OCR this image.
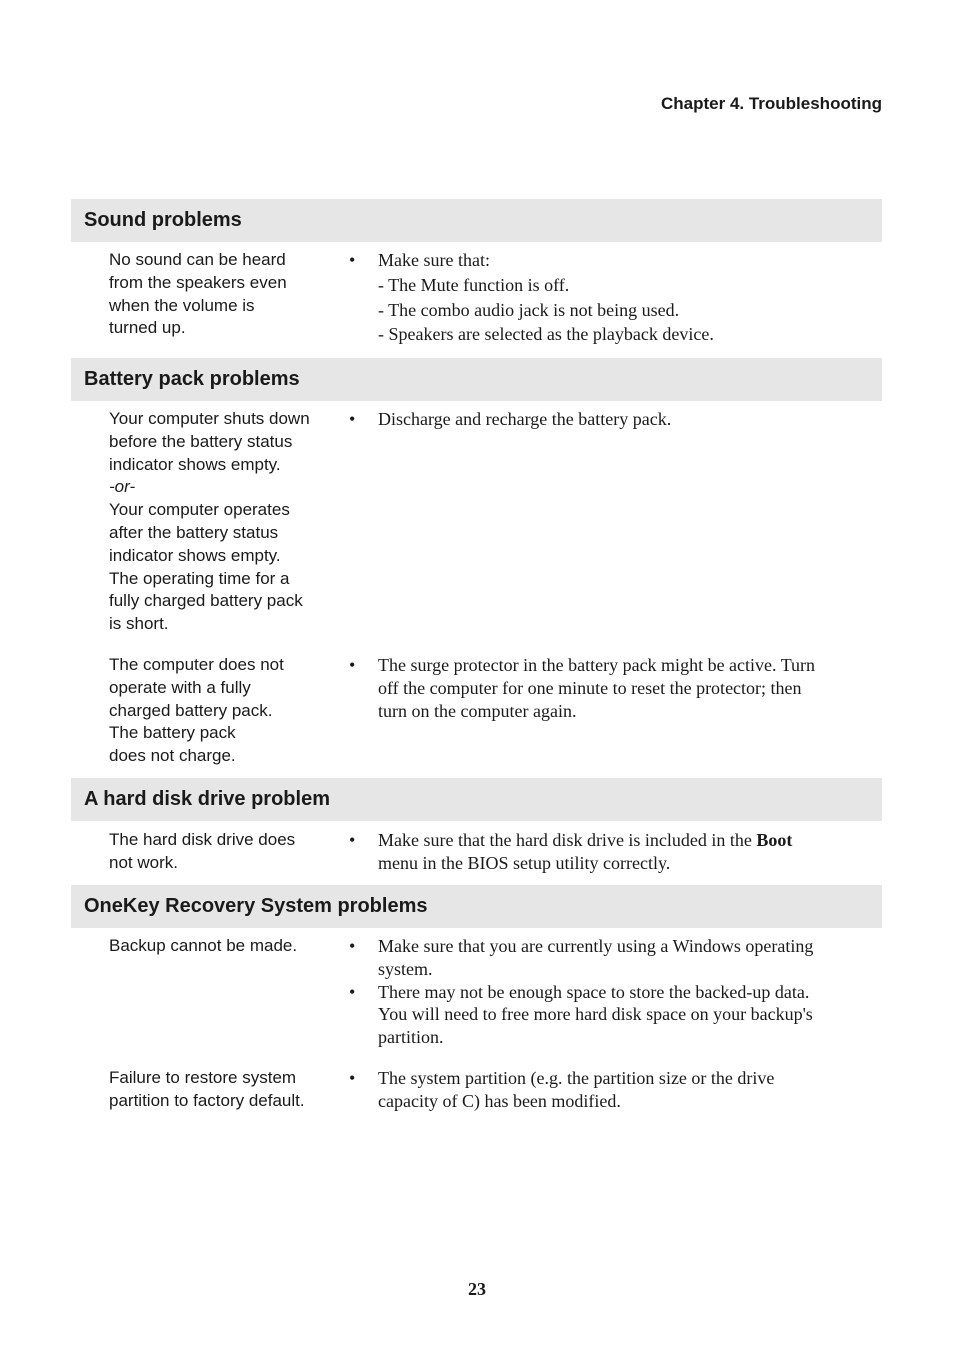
Chapter 4. Troubleshooting
Sound problems
No sound can be heard
from the speakers even
when the volume is
turned up.
• Make sure that:
- The Mute function is off.
- The combo audio jack is not being used.
- Speakers are selected as the playback device.
Battery pack problems
Your computer shuts down
before the battery status
indicator shows empty.
-or-
Your computer operates
after the battery status
indicator shows empty.
The operating time for a
fully charged battery pack
is short.
• Discharge and recharge the battery pack.
The computer does not
operate with a fully
charged battery pack.
The battery pack
does not charge.
• The surge protector in the battery pack might be active. Turn
off the computer for one minute to reset the protector; then
turn on the computer again.
A hard disk drive problem
The hard disk drive does
not work.
• Make sure that the hard disk drive is included in the Boot
menu in the BIOS setup utility correctly.
OneKey Recovery System problems
Backup cannot be made.	• Make sure that you are currently using a Windows operating
system.
• There may not be enough space to store the backed-up data.
You will need to free more hard disk space on your backup's
partition.
Failure to restore system
partition to factory default.
• The system partition (e.g. the partition size or the drive
capacity of C) has been modified.
23
